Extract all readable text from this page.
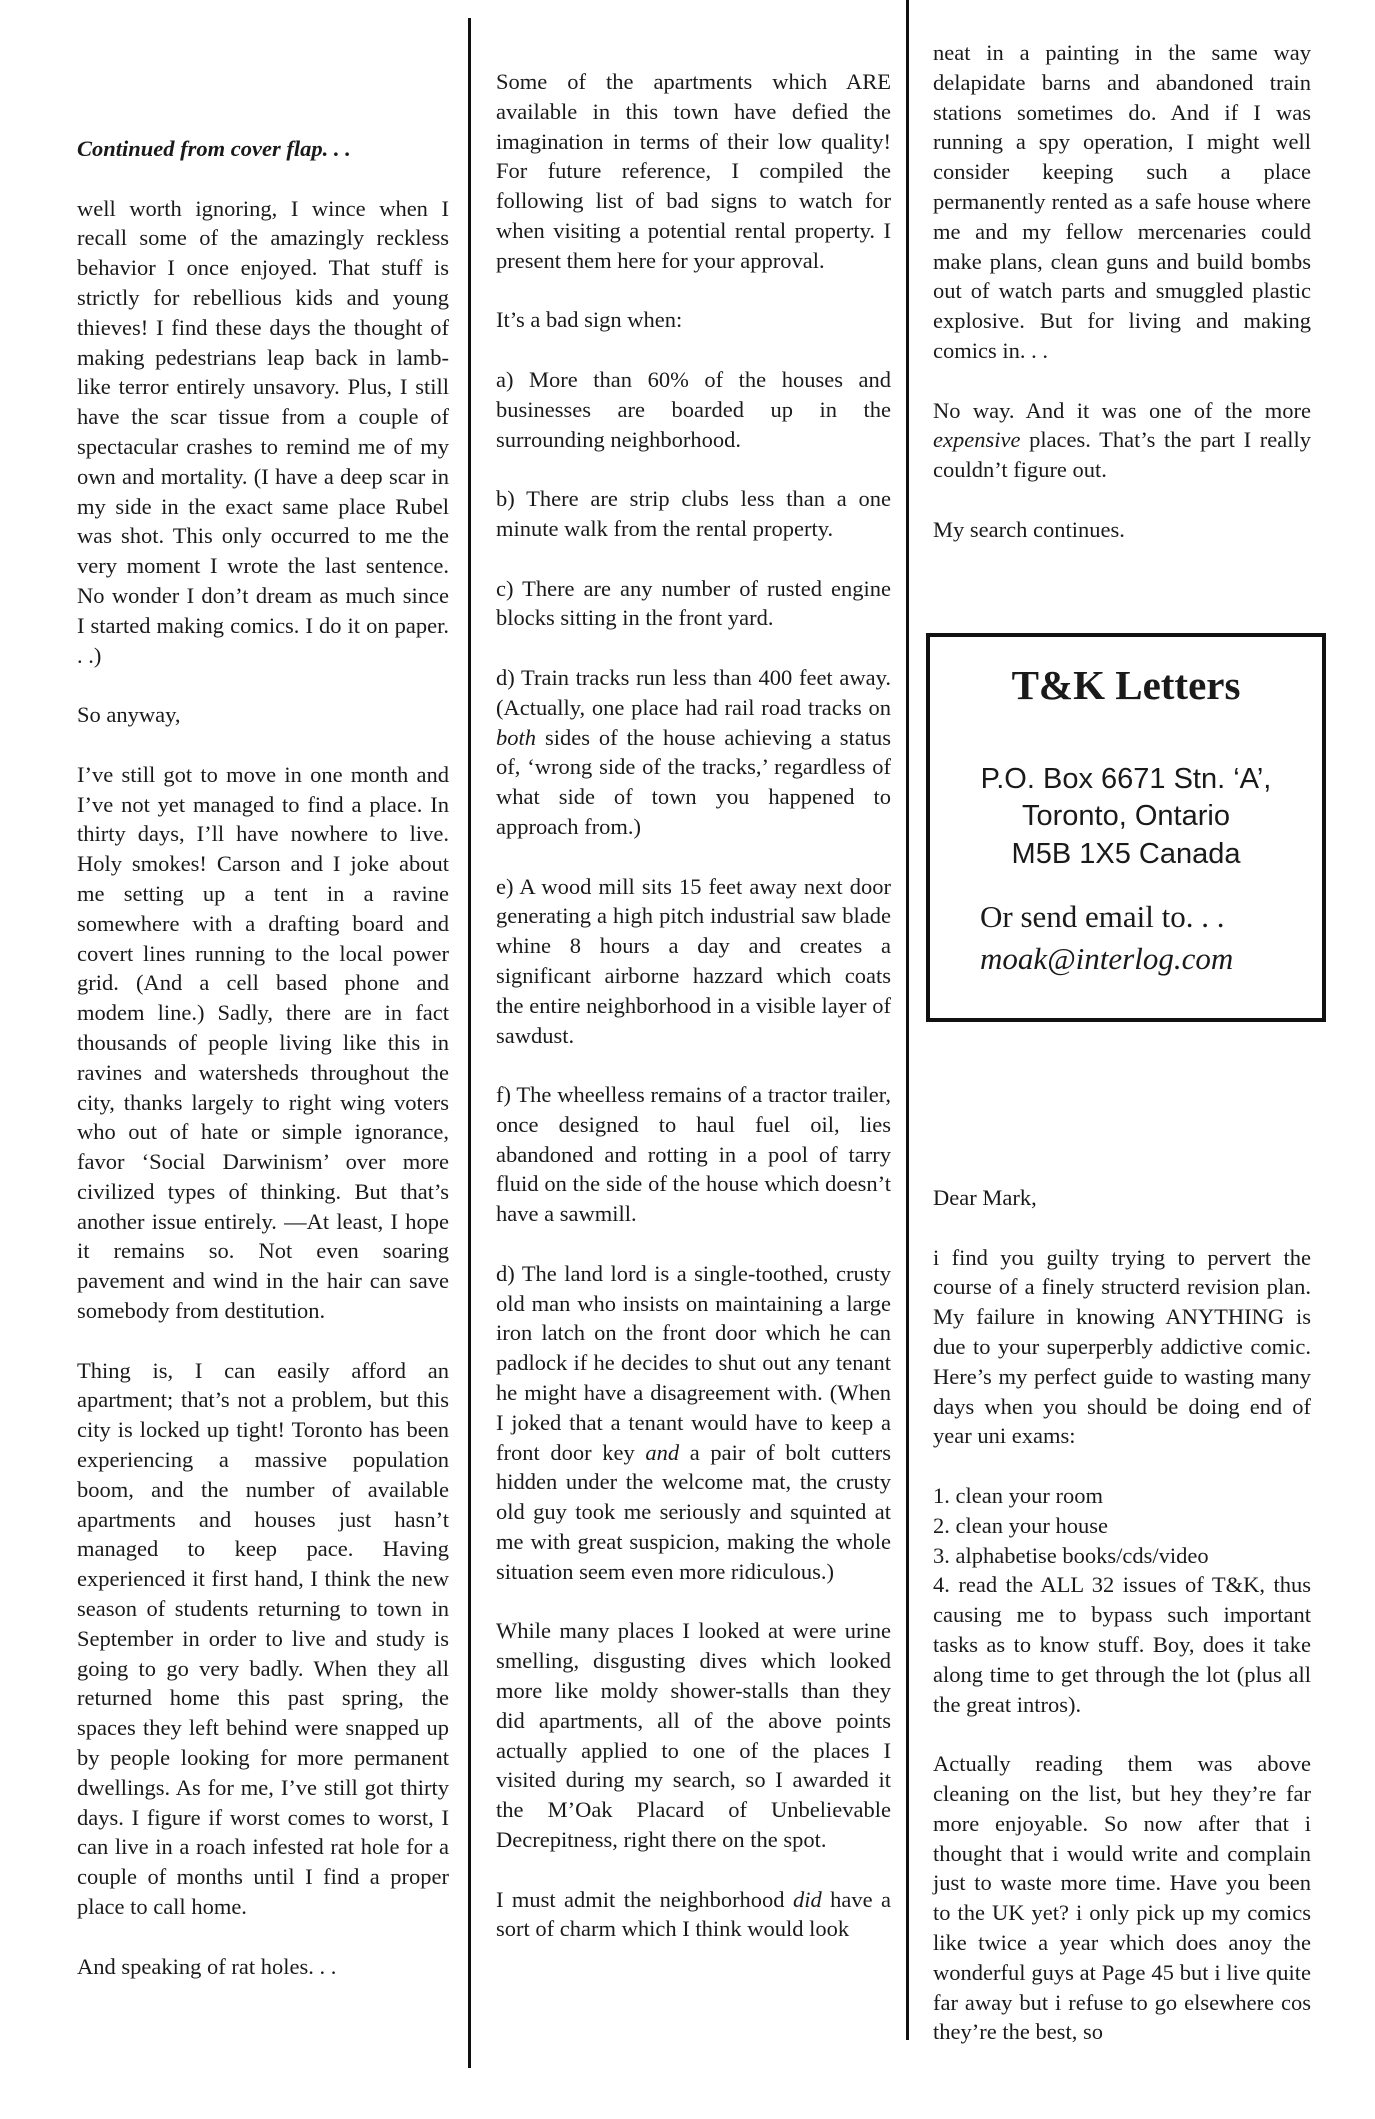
Continued from cover flap. . .

well worth ignoring, I wince when I recall some of the amazingly reckless behavior I once enjoyed. That stuff is strictly for rebellious kids and young thieves! I find these days the thought of making pedestrians leap back in lamb-like terror entirely unsavory. Plus, I still have the scar tissue from a couple of spectacular crashes to remind me of my own and mortality. (I have a deep scar in my side in the exact same place Rubel was shot. This only occurred to me the very moment I wrote the last sentence. No wonder I don’t dream as much since I started making comics. I do it on paper. . .)

So anyway,

I’ve still got to move in one month and I’ve not yet managed to find a place. In thirty days, I’ll have nowhere to live. Holy smokes! Carson and I joke about me setting up a tent in a ravine somewhere with a drafting board and covert lines running to the local power grid. (And a cell based phone and modem line.) Sadly, there are in fact thousands of people living like this in ravines and watersheds throughout the city, thanks largely to right wing voters who out of hate or simple ignorance, favor ‘Social Darwinism’ over more civilized types of thinking. But that’s another issue entirely. —At least, I hope it remains so. Not even soaring pavement and wind in the hair can save somebody from destitution.

Thing is, I can easily afford an apartment; that’s not a problem, but this city is locked up tight! Toronto has been experiencing a massive population boom, and the number of available apartments and houses just hasn’t managed to keep pace. Having experienced it first hand, I think the new season of students returning to town in September in order to live and study is going to go very badly. When they all returned home this past spring, the spaces they left behind were snapped up by people looking for more permanent dwellings. As for me, I’ve still got thirty days. I figure if worst comes to worst, I can live in a roach infested rat hole for a couple of months until I find a proper place to call home.

And speaking of rat holes. . .

Some of the apartments which ARE available in this town have defied the imagination in terms of their low quality! For future reference, I compiled the following list of bad signs to watch for when visiting a potential rental property. I present them here for your approval.

It’s a bad sign when:

a) More than 60% of the houses and businesses are boarded up in the surrounding neighborhood.

b) There are strip clubs less than a one minute walk from the rental property.

c) There are any number of rusted engine blocks sitting in the front yard.

d) Train tracks run less than 400 feet away. (Actually, one place had rail road tracks on both sides of the house achieving a status of, ‘wrong side of the tracks,’ regardless of what side of town you happened to approach from.)

e) A wood mill sits 15 feet away next door generating a high pitch industrial saw blade whine 8 hours a day and creates a significant airborne hazzard which coats the entire neighborhood in a visible layer of sawdust.

f) The wheelless remains of a tractor trailer, once designed to haul fuel oil, lies abandoned and rotting in a pool of tarry fluid on the side of the house which doesn’t have a sawmill.

d) The land lord is a single-toothed, crusty old man who insists on maintaining a large iron latch on the front door which he can padlock if he decides to shut out any tenant he might have a disagreement with. (When I joked that a tenant would have to keep a front door key and a pair of bolt cutters hidden under the welcome mat, the crusty old guy took me seriously and squinted at me with great suspicion, making the whole situation seem even more ridiculous.)

While many places I looked at were urine smelling, disgusting dives which looked more like moldy shower-stalls than they did apartments, all of the above points actually applied to one of the places I visited during my search, so I awarded it the M’Oak Placard of Unbelievable Decrepitness, right there on the spot.

I must admit the neighborhood did have a sort of charm which I think would look

neat in a painting in the same way delapidate barns and abandoned train stations sometimes do. And if I was running a spy operation, I might well consider keeping such a place permanently rented as a safe house where me and my fellow mercenaries could make plans, clean guns and build bombs out of watch parts and smuggled plastic explosive. But for living and making comics in. . .

No way. And it was one of the more expensive places. That’s the part I really couldn’t figure out.

My search continues.

T&K Letters
P.O. Box 6671 Stn. ‘A’,
Toronto, Ontario
M5B 1X5 Canada
Or send email to. . .
moak@interlog.com

Dear Mark,

i find you guilty trying to pervert the course of a finely structerd revision plan. My failure in knowing ANYTHING is due to your superperbly addictive comic. Here’s my perfect guide to wasting many days when you should be doing end of year uni exams:

1. clean your room

2. clean your house

3. alphabetise books/cds/video

4. read the ALL 32 issues of T&K, thus causing me to bypass such important tasks as to know stuff. Boy, does it take along time to get through the lot (plus all the great intros).

Actually reading them was above cleaning on the list, but hey they’re far more enjoyable. So now after that i thought that i would write and complain just to waste more time. Have you been to the UK yet? i only pick up my comics like twice a year which does anoy the wonderful guys at Page 45 but i live quite far away but i refuse to go elsewhere cos they’re the best, so
